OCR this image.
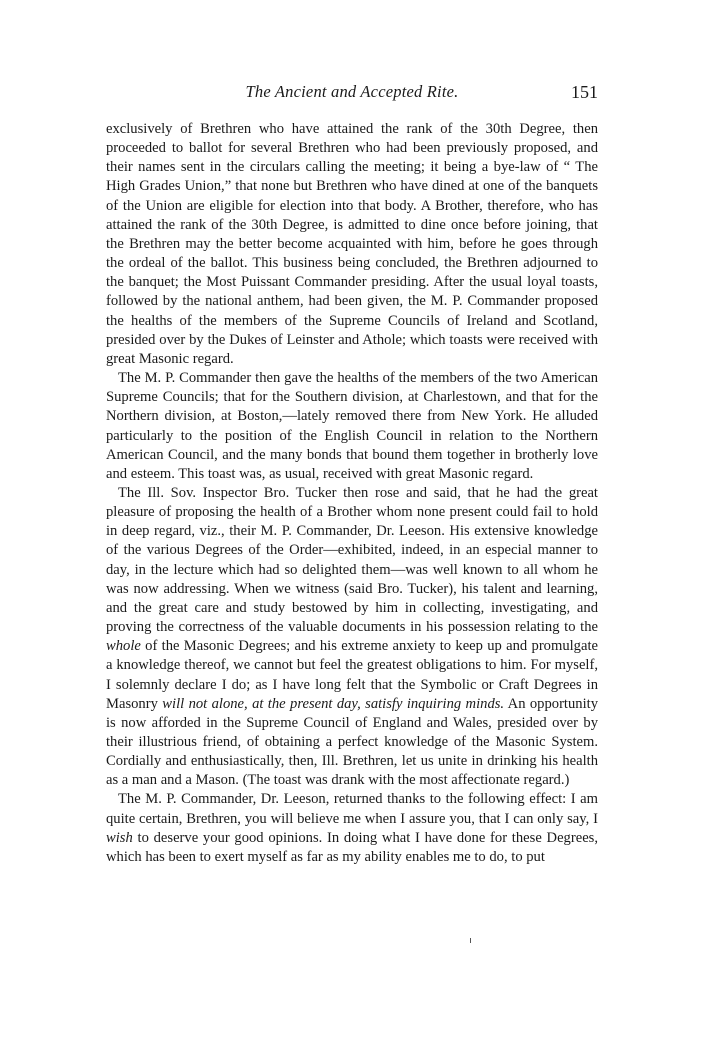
The Ancient and Accepted Rite.	151

exclusively of Brethren who have attained the rank of the 30th Degree, then proceeded to ballot for several Brethren who had been previously proposed, and their names sent in the circulars calling the meeting; it being a bye-law of “ The High Grades Union,” that none but Brethren who have dined at one of the banquets of the Union are eligible for election into that body. A Brother, therefore, who has attained the rank of the 30th Degree, is admitted to dine once before joining, that the Brethren may the better become acquainted with him, before he goes through the ordeal of the ballot. This business being concluded, the Brethren adjourned to the banquet; the Most Puissant Commander presiding. After the usual loyal toasts, followed by the national anthem, had been given, the M. P. Commander proposed the healths of the members of the Supreme Councils of Ireland and Scotland, presided over by the Dukes of Leinster and Athole; which toasts were received with great Masonic regard.

The M. P. Commander then gave the healths of the members of the two American Supreme Councils; that for the Southern division, at Charlestown, and that for the Northern division, at Boston,—lately removed there from New York. He alluded particularly to the position of the English Council in relation to the Northern American Council, and the many bonds that bound them together in brotherly love and esteem. This toast was, as usual, received with great Masonic regard.

The Ill. Sov. Inspector Bro. Tucker then rose and said, that he had the great pleasure of proposing the health of a Brother whom none present could fail to hold in deep regard, viz., their M. P. Commander, Dr. Leeson. His extensive knowledge of the various Degrees of the Order—exhibited, indeed, in an especial manner to day, in the lecture which had so delighted them—was well known to all whom he was now addressing. When we witness (said Bro. Tucker), his talent and learning, and the great care and study bestowed by him in collecting, investigating, and proving the correctness of the valuable documents in his possession relating to the whole of the Masonic Degrees; and his extreme anxiety to keep up and promulgate a knowledge thereof, we cannot but feel the greatest obligations to him. For myself, I solemnly declare I do; as I have long felt that the Symbolic or Craft Degrees in Masonry will not alone, at the present day, satisfy inquiring minds. An opportunity is now afforded in the Supreme Council of England and Wales, presided over by their illustrious friend, of obtaining a perfect knowledge of the Masonic System. Cordially and enthusiastically, then, Ill. Brethren, let us unite in drinking his health as a man and a Mason. (The toast was drank with the most affectionate regard.)

The M. P. Commander, Dr. Leeson, returned thanks to the following effect: I am quite certain, Brethren, you will believe me when I assure you, that I can only say, I wish to deserve your good opinions. In doing what I have done for these Degrees, which has been to exert myself as far as my ability enables me to do, to put
